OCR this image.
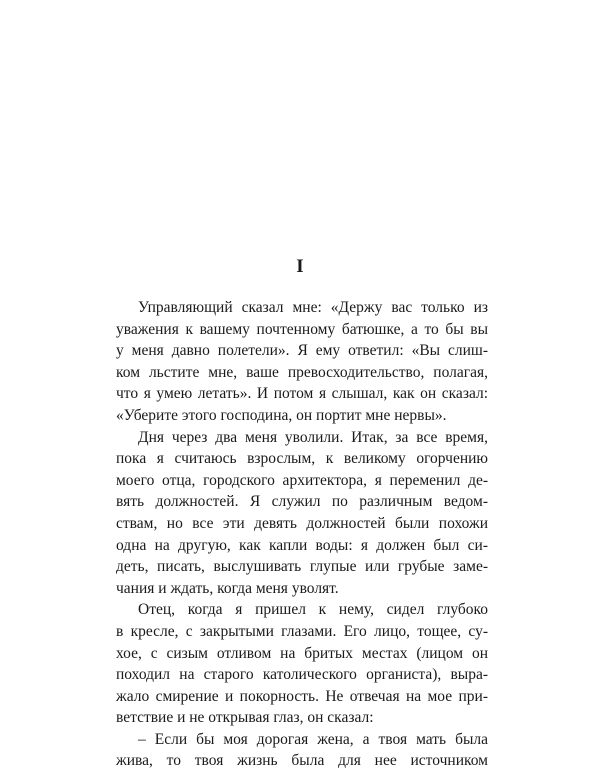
I
Управляющий сказал мне: «Держу вас только из
уважения к вашему почтенному батюшке, а то бы вы
у меня давно полетели». Я ему ответил: «Вы слиш-
ком льстите мне, ваше превосходительство, полагая,
что я умею летать». И потом я слышал, как он сказал:
«Уберите этого господина, он портит мне нервы».
Дня через два меня уволили. Итак, за все время,
пока я считаюсь взрослым, к великому огорчению
моего отца, городского архитектора, я переменил де-
вять должностей. Я служил по различным ведом-
ствам, но все эти девять должностей были похожи
одна на другую, как капли воды: я должен был си-
деть, писать, выслушивать глупые или грубые заме-
чания и ждать, когда меня уволят.
Отец, когда я пришел к нему, сидел глубоко
в кресле, с закрытыми глазами. Его лицо, тощее, су-
хое, с сизым отливом на бритых местах (лицом он
походил на старого католического органиста), выра-
жало смирение и покорность. Не отвечая на мое при-
ветствие и не открывая глаз, он сказал:
– Если бы моя дорогая жена, а твоя мать была
жива, то твоя жизнь была для нее источником
